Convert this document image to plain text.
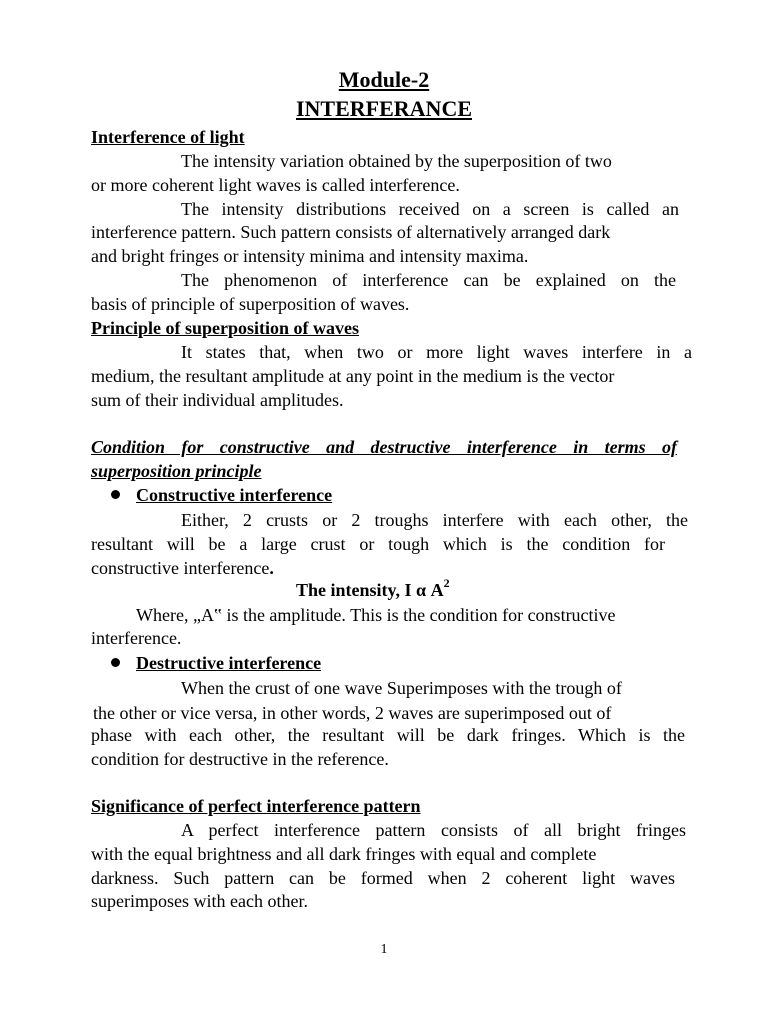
Module-2
INTERFERANCE
Interference of light
The intensity variation obtained by the superposition of two
or more coherent light waves is called interference.
The intensity distributions received on a screen is called an
interference pattern. Such pattern consists of alternatively arranged dark
and bright fringes or intensity minima and intensity maxima.
The phenomenon of interference can be explained on the
basis of principle of superposition of waves.
Principle of superposition of waves
It states that, when two or more light waves interfere in a
medium, the resultant amplitude at any point in the medium is the vector
sum of their individual amplitudes.
Condition for constructive and destructive interference in terms of
superposition principle
Constructive interference
Either, 2 crusts or 2 troughs interfere with each other, the
resultant will be a large crust or tough which is the condition for
constructive interference.
The intensity, I α $A^2$
Where, „A‟ is the amplitude. This is the condition for constructive
interference.
Destructive interference
When the crust of one wave Superimposes with the trough of
the other or vice versa, in other words, 2 waves are superimposed out of
phase with each other, the resultant will be dark fringes. Which is the
condition for destructive in the reference.
Significance of perfect interference pattern
A perfect interference pattern consists of all bright fringes
with the equal brightness and all dark fringes with equal and complete
darkness. Such pattern can be formed when 2 coherent light waves
superimposes with each other.
1
